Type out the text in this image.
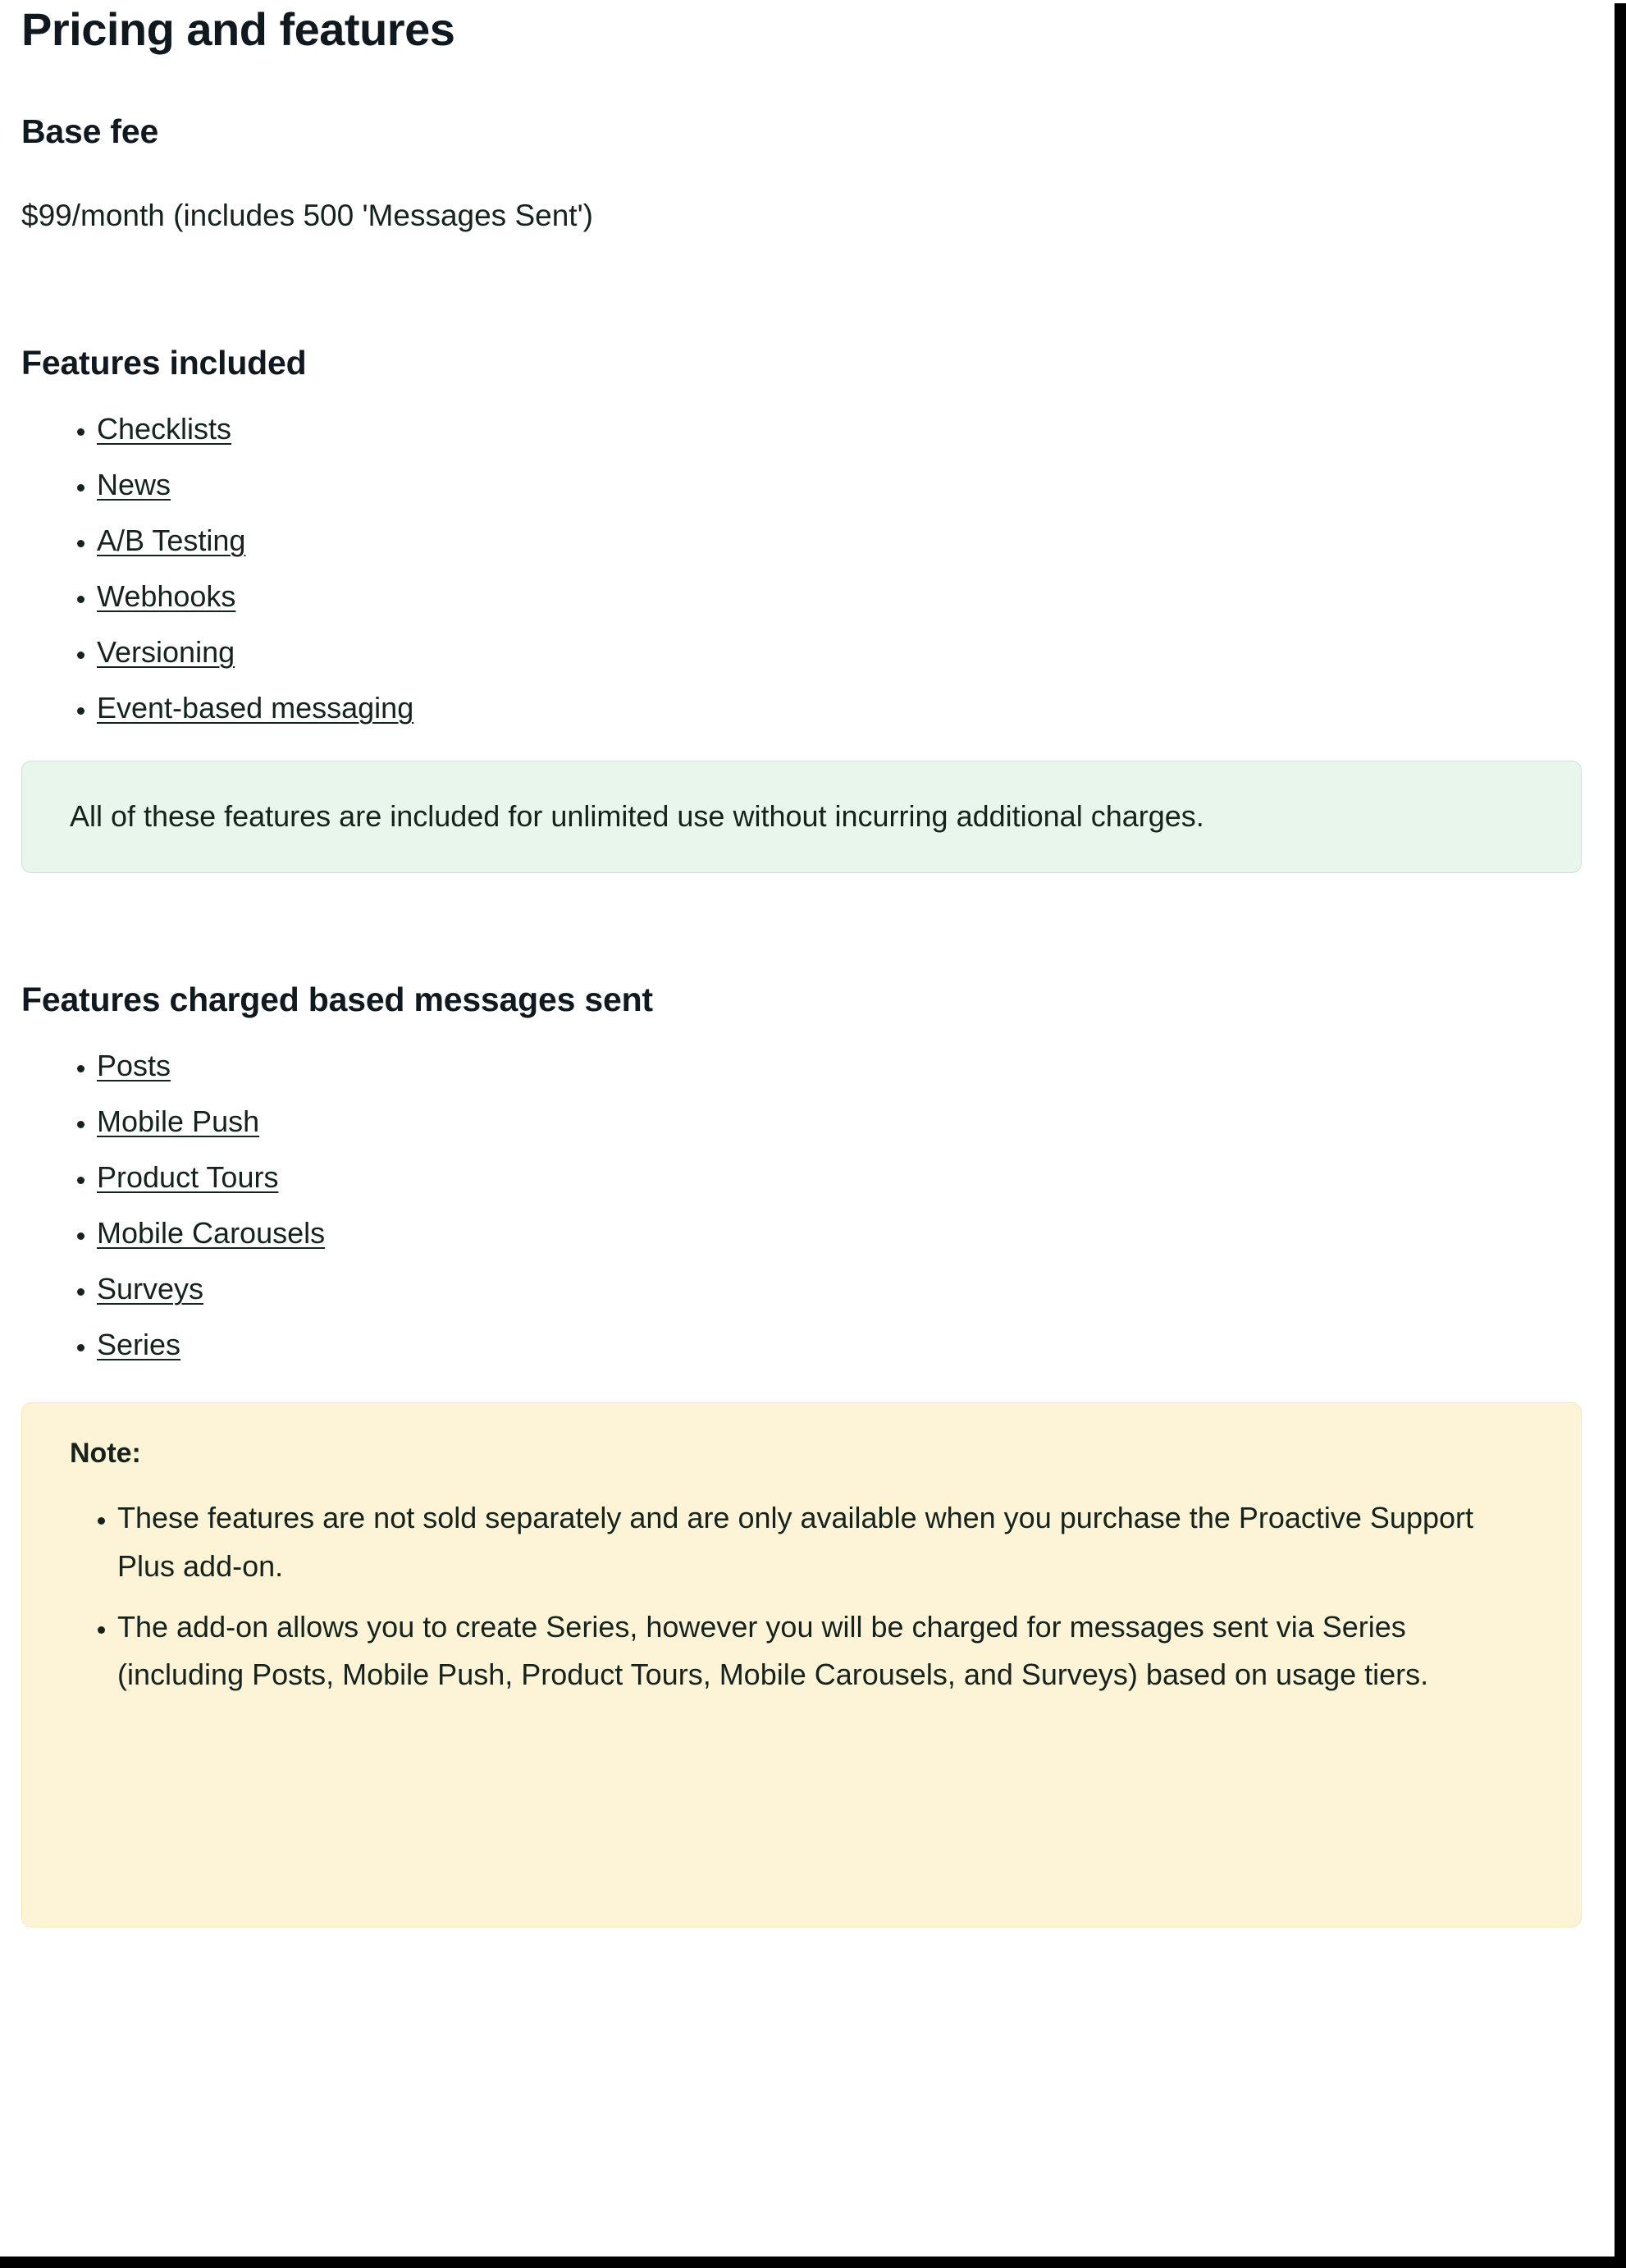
Pricing and features
Base fee

$99/month (includes 500 'Messages Sent')

Features included
• Checklists
• News
• A/B Testing
• Webhooks
• Versioning
• Event-based messaging

All of these features are included for unlimited use without incurring additional charges.

Features charged based messages sent
• Posts
• Mobile Push
• Product Tours
• Mobile Carousels
• Surveys
• Series

Note:

• These features are not sold separately and are only available when you purchase the Proactive Support Plus add-on.
• The add-on allows you to create Series, however you will be charged for messages sent via Series (including Posts, Mobile Push, Product Tours, Mobile Carousels, and Surveys) based on usage tiers.
